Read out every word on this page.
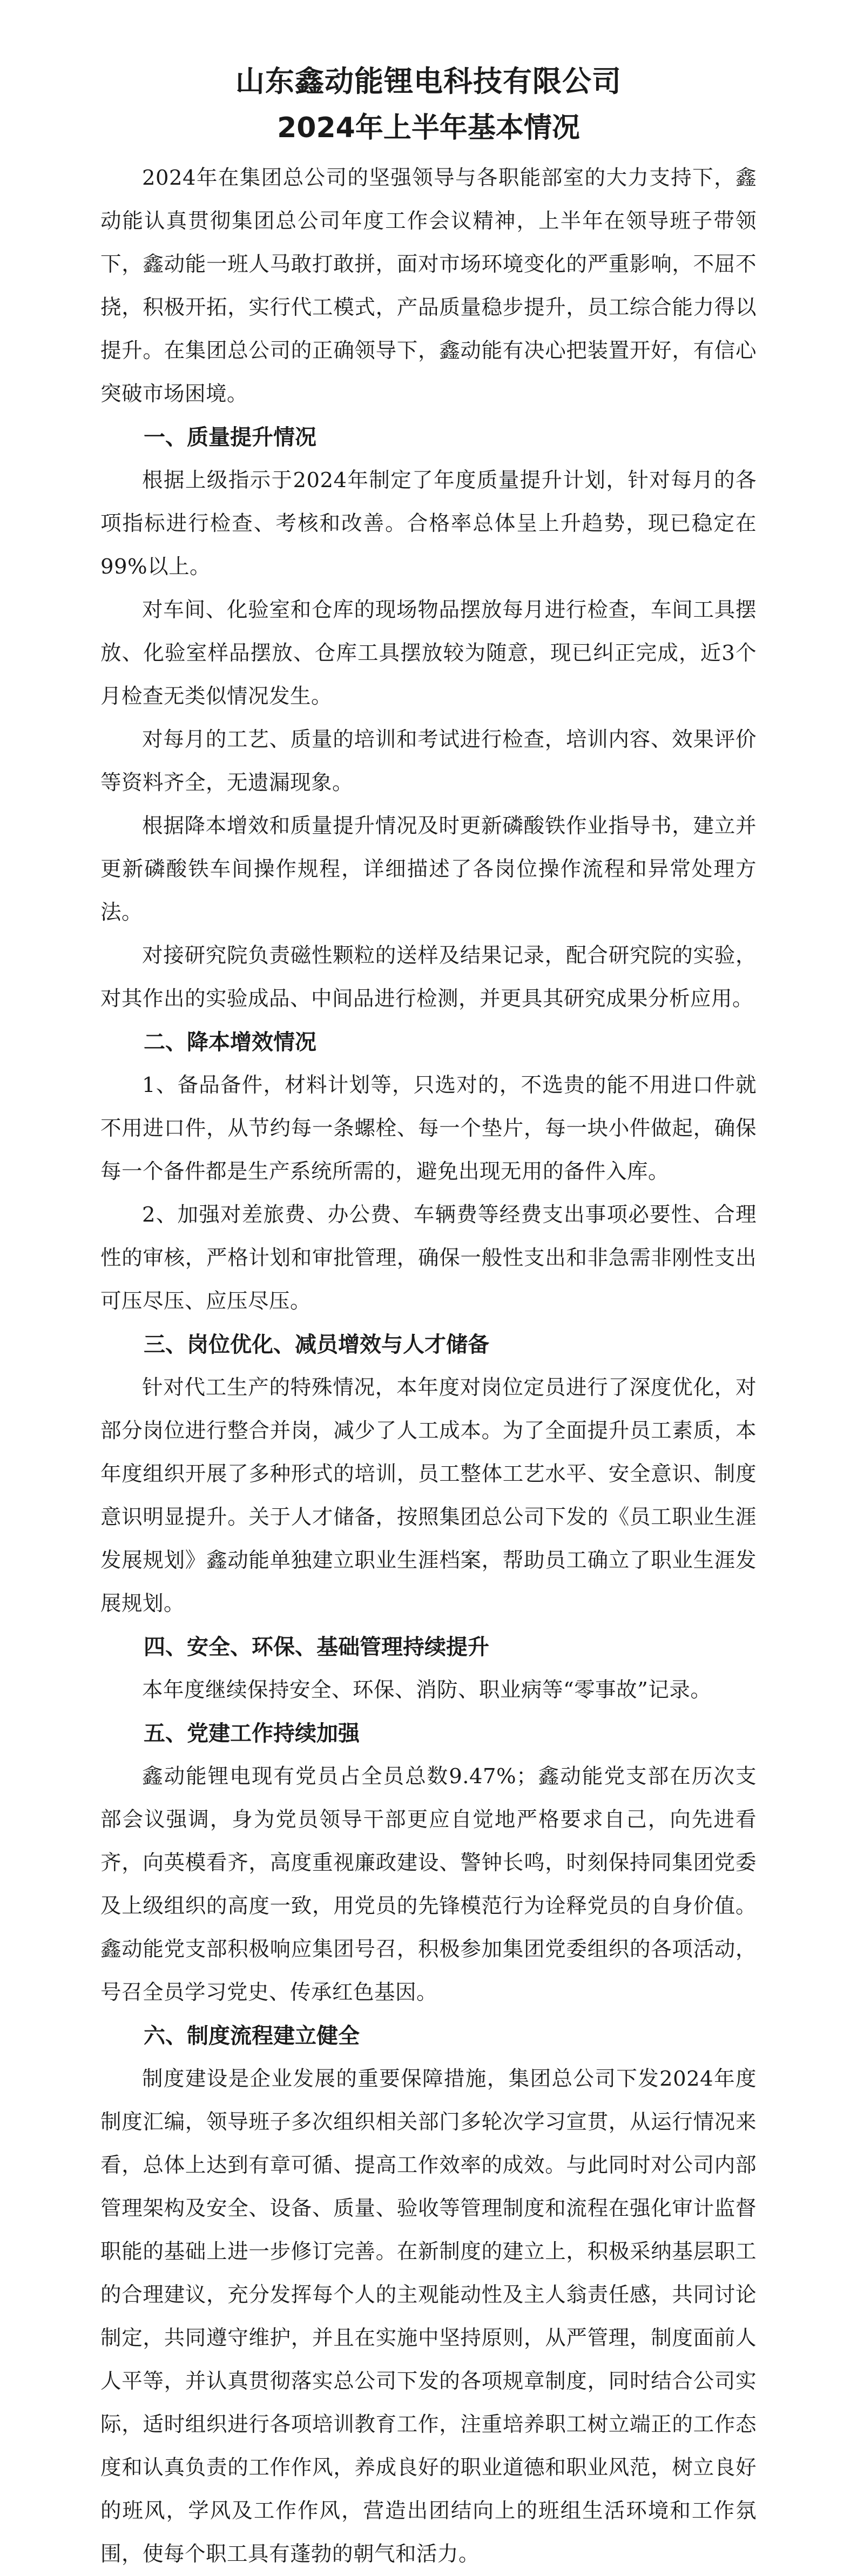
山东鑫动能锂电科技有限公司
2024年上半年基本情况

2024年在集团总公司的坚强领导与各职能部室的大力支持下，鑫动能认真贯彻集团总公司年度工作会议精神，上半年在领导班子带领下，鑫动能一班人马敢打敢拼，面对市场环境变化的严重影响，不屈不挠，积极开拓，实行代工模式，产品质量稳步提升，员工综合能力得以提升。在集团总公司的正确领导下，鑫动能有决心把装置开好，有信心突破市场困境。

一、质量提升情况

根据上级指示于2024年制定了年度质量提升计划，针对每月的各项指标进行检查、考核和改善。合格率总体呈上升趋势，现已稳定在99%以上。

对车间、化验室和仓库的现场物品摆放每月进行检查，车间工具摆放、化验室样品摆放、仓库工具摆放较为随意，现已纠正完成，近3个月检查无类似情况发生。

对每月的工艺、质量的培训和考试进行检查，培训内容、效果评价等资料齐全，无遗漏现象。

根据降本增效和质量提升情况及时更新磷酸铁作业指导书，建立并更新磷酸铁车间操作规程，详细描述了各岗位操作流程和异常处理方法。

对接研究院负责磁性颗粒的送样及结果记录，配合研究院的实验，对其作出的实验成品、中间品进行检测，并更具其研究成果分析应用。

二、降本增效情况

1、备品备件，材料计划等，只选对的，不选贵的能不用进口件就不用进口件，从节约每一条螺栓、每一个垫片，每一块小件做起，确保每一个备件都是生产系统所需的，避免出现无用的备件入库。

2、加强对差旅费、办公费、车辆费等经费支出事项必要性、合理性的审核，严格计划和审批管理，确保一般性支出和非急需非刚性支出可压尽压、应压尽压。

三、岗位优化、减员增效与人才储备

针对代工生产的特殊情况，本年度对岗位定员进行了深度优化，对部分岗位进行整合并岗，减少了人工成本。为了全面提升员工素质，本年度组织开展了多种形式的培训，员工整体工艺水平、安全意识、制度意识明显提升。关于人才储备，按照集团总公司下发的《员工职业生涯发展规划》鑫动能单独建立职业生涯档案，帮助员工确立了职业生涯发展规划。

四、安全、环保、基础管理持续提升

本年度继续保持安全、环保、消防、职业病等“零事故”记录。

五、党建工作持续加强

鑫动能锂电现有党员占全员总数9.47%；鑫动能党支部在历次支部会议强调，身为党员领导干部更应自觉地严格要求自己，向先进看齐，向英模看齐，高度重视廉政建设、警钟长鸣，时刻保持同集团党委及上级组织的高度一致，用党员的先锋模范行为诠释党员的自身价值。鑫动能党支部积极响应集团号召，积极参加集团党委组织的各项活动，号召全员学习党史、传承红色基因。

六、制度流程建立健全

制度建设是企业发展的重要保障措施，集团总公司下发2024年度制度汇编，领导班子多次组织相关部门多轮次学习宣贯，从运行情况来看，总体上达到有章可循、提高工作效率的成效。与此同时对公司内部管理架构及安全、设备、质量、验收等管理制度和流程在强化审计监督职能的基础上进一步修订完善。在新制度的建立上，积极采纳基层职工的合理建议，充分发挥每个人的主观能动性及主人翁责任感，共同讨论制定，共同遵守维护，并且在实施中坚持原则，从严管理，制度面前人人平等，并认真贯彻落实总公司下发的各项规章制度，同时结合公司实际，适时组织进行各项培训教育工作，注重培养职工树立端正的工作态度和认真负责的工作作风，养成良好的职业道德和职业风范，树立良好的班风，学风及工作作风，营造出团结向上的班组生活环境和工作氛围，使每个职工具有蓬勃的朝气和活力。
